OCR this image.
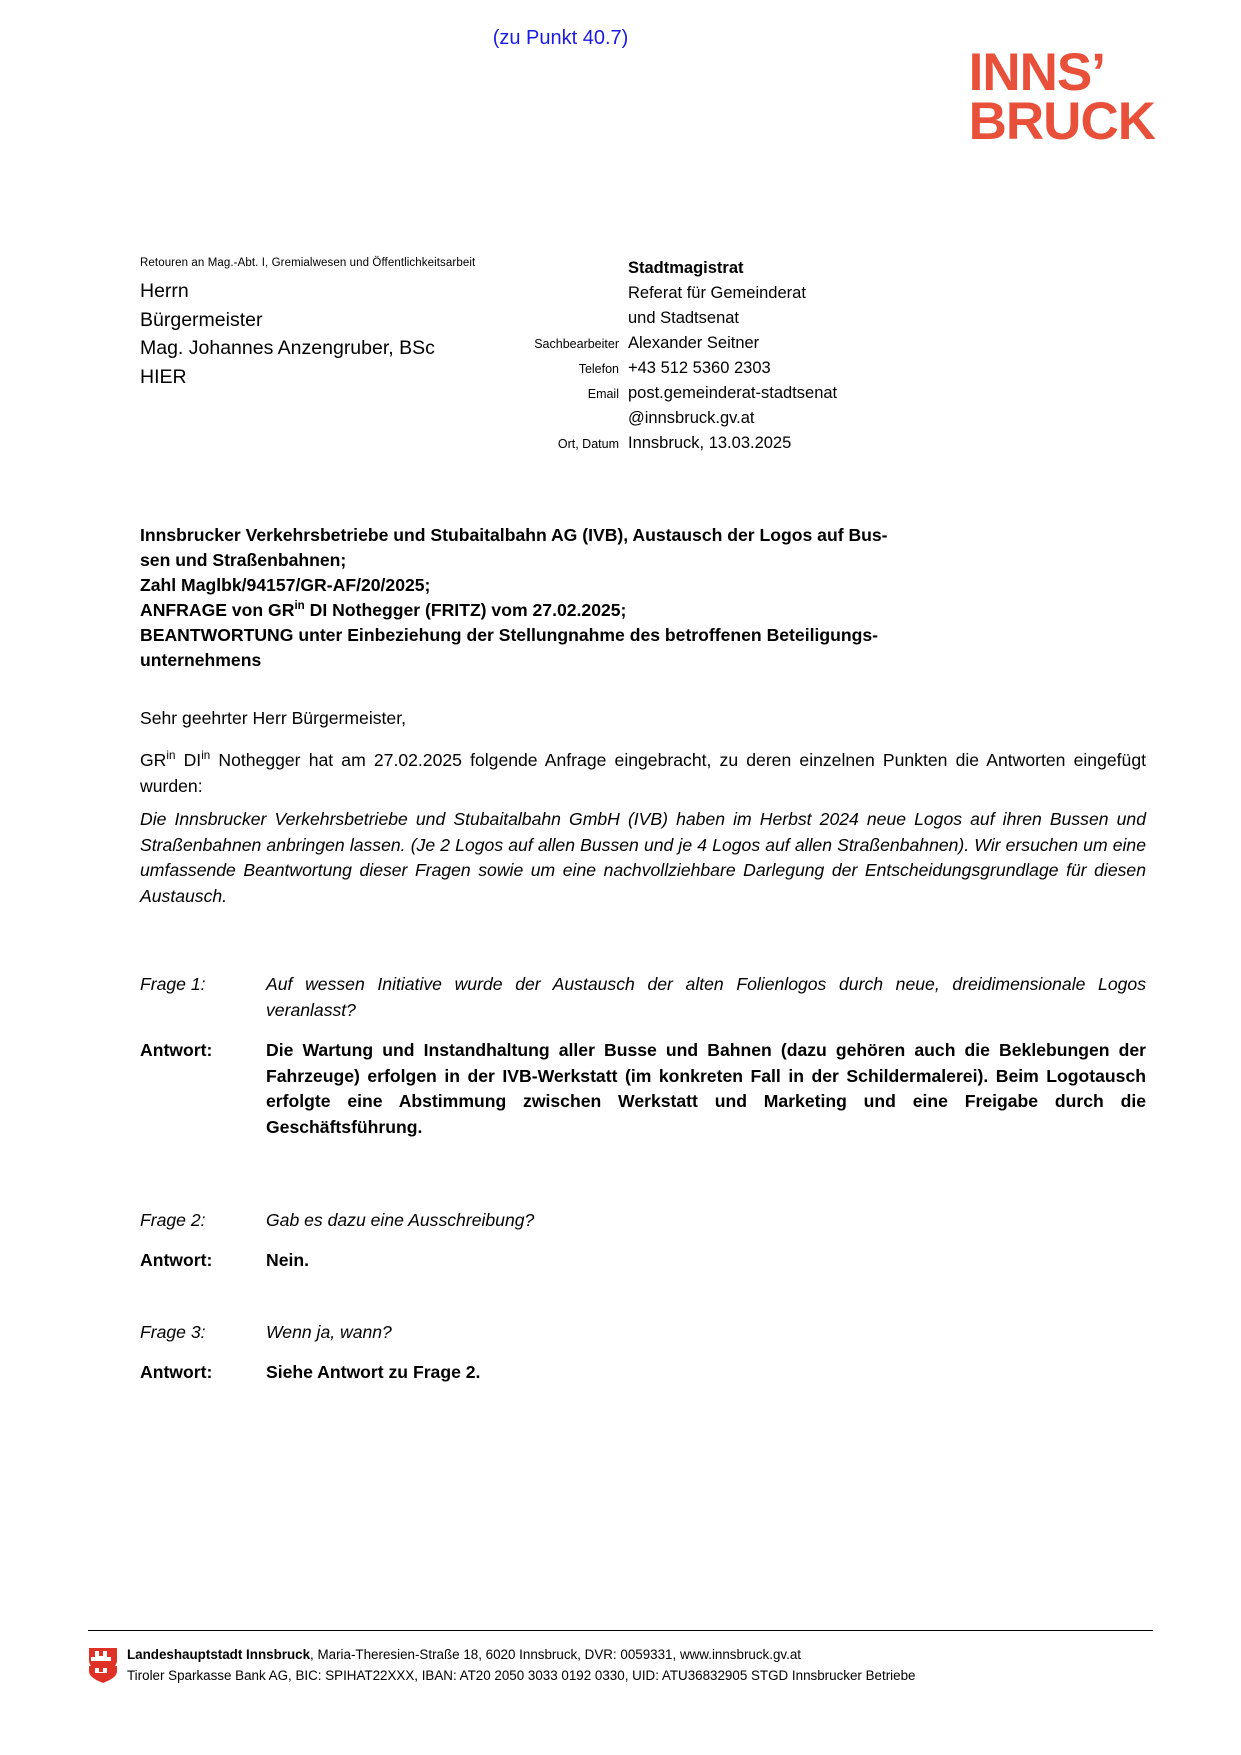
(zu Punkt 40.7)
INNS’
BRUCK
Retouren an Mag.-Abt. I, Gremialwesen und Öffentlichkeitsarbeit
Herrn
Bürgermeister
Mag. Johannes Anzengruber, BSc
HIER
Stadtmagistrat
Referat für Gemeinderat
und Stadtsenat
Sachbearbeiter Alexander Seitner
Telefon +43 512 5360 2303
Email post.gemeinderat-stadtsenat
@innsbruck.gv.at
Ort, Datum Innsbruck, 13.03.2025
Innsbrucker Verkehrsbetriebe und Stubaitalbahn AG (IVB), Austausch der Logos auf Bus-
sen und Straßenbahnen;
Zahl Maglbk/94157/GR-AF/20/2025;
ANFRAGE von $GR^{in}$ DI Nothegger (FRITZ) vom 27.02.2025;
BEANTWORTUNG unter Einbeziehung der Stellungnahme des betroffenen Beteiligungs-
unternehmens
Sehr geehrter Herr Bürgermeister,
$GR^{in}$ $DI^{in}$ Nothegger hat am 27.02.2025 folgende Anfrage eingebracht, zu deren einzelnen Punkten die Antworten eingefügt wurden:
Die Innsbrucker Verkehrsbetriebe und Stubaitalbahn GmbH (IVB) haben im Herbst 2024 neue Logos auf ihren Bussen und Straßenbahnen anbringen lassen. (Je 2 Logos auf allen Bussen und je 4 Logos auf allen Straßenbahnen). Wir ersuchen um eine umfassende Beantwortung dieser Fragen sowie um eine nachvollziehbare Darlegung der Entscheidungsgrundlage für diesen Austausch.
Frage 1:	Auf wessen Initiative wurde der Austausch der alten Folienlogos durch neue, dreidimensionale Logos veranlasst?
Antwort:	Die Wartung und Instandhaltung aller Busse und Bahnen (dazu gehören auch die Beklebungen der Fahrzeuge) erfolgen in der IVB-Werkstatt (im konkreten Fall in der Schildermalerei). Beim Logotausch erfolgte eine Abstimmung zwischen Werkstatt und Marketing und eine Freigabe durch die Geschäftsführung.
Frage 2:	Gab es dazu eine Ausschreibung?
Antwort:	Nein.
Frage 3:	Wenn ja, wann?
Antwort:	Siehe Antwort zu Frage 2.
Landeshauptstadt Innsbruck, Maria-Theresien-Straße 18, 6020 Innsbruck, DVR: 0059331, www.innsbruck.gv.at
Tiroler Sparkasse Bank AG, BIC: SPIHAT22XXX, IBAN: AT20 2050 3033 0192 0330, UID: ATU36832905 STGD Innsbrucker Betriebe
